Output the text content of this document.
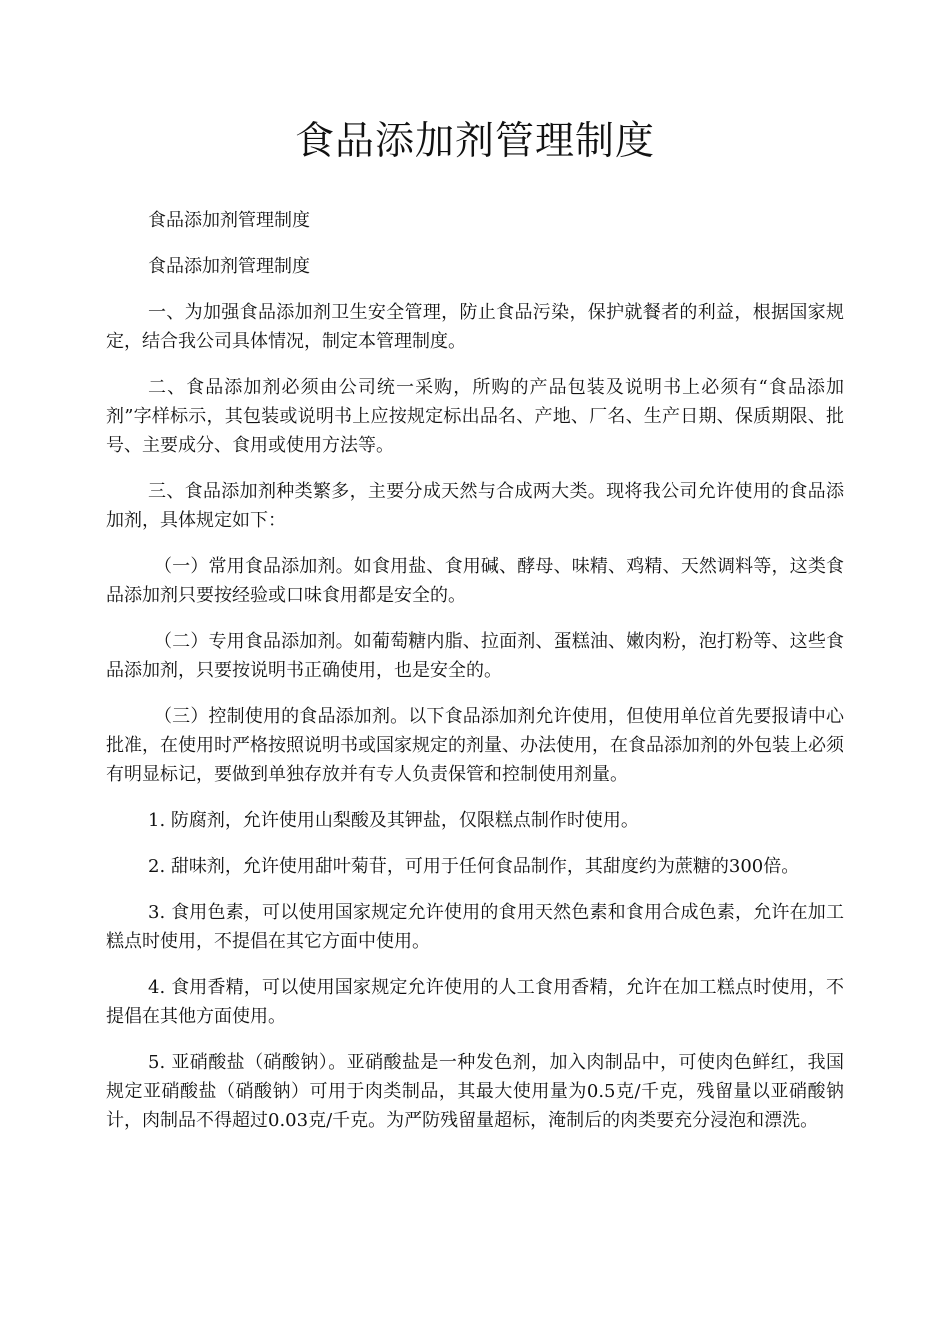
食品添加剂管理制度

食品添加剂管理制度

食品添加剂管理制度

一、为加强食品添加剂卫生安全管理，防止食品污染，保护就餐者的利益，根据国家规定，结合我公司具体情况，制定本管理制度。

二、食品添加剂必须由公司统一采购，所购的产品包装及说明书上必须有“食品添加剂”字样标示，其包装或说明书上应按规定标出品名、产地、厂名、生产日期、保质期限、批号、主要成分、食用或使用方法等。

三、食品添加剂种类繁多，主要分成天然与合成两大类。现将我公司允许使用的食品添加剂，具体规定如下：

（一）常用食品添加剂。如食用盐、食用碱、酵母、味精、鸡精、天然调料等，这类食品添加剂只要按经验或口味食用都是安全的。

（二）专用食品添加剂。如葡萄糖内脂、拉面剂、蛋糕油、嫩肉粉，泡打粉等、这些食品添加剂，只要按说明书正确使用，也是安全的。

（三）控制使用的食品添加剂。以下食品添加剂允许使用，但使用单位首先要报请中心批准，在使用时严格按照说明书或国家规定的剂量、办法使用，在食品添加剂的外包装上必须有明显标记，要做到单独存放并有专人负责保管和控制使用剂量。

1. 防腐剂，允许使用山梨酸及其钾盐，仅限糕点制作时使用。

2. 甜味剂，允许使用甜叶菊苷，可用于任何食品制作，其甜度约为蔗糖的300倍。

3. 食用色素，可以使用国家规定允许使用的食用天然色素和食用合成色素，允许在加工糕点时使用，不提倡在其它方面中使用。

4. 食用香精，可以使用国家规定允许使用的人工食用香精，允许在加工糕点时使用，不提倡在其他方面使用。

5. 亚硝酸盐（硝酸钠）。亚硝酸盐是一种发色剂，加入肉制品中，可使肉色鲜红，我国规定亚硝酸盐（硝酸钠）可用于肉类制品，其最大使用量为0.5克/千克，残留量以亚硝酸钠计，肉制品不得超过0.03克/千克。为严防残留量超标，淹制后的肉类要充分浸泡和漂洗。
